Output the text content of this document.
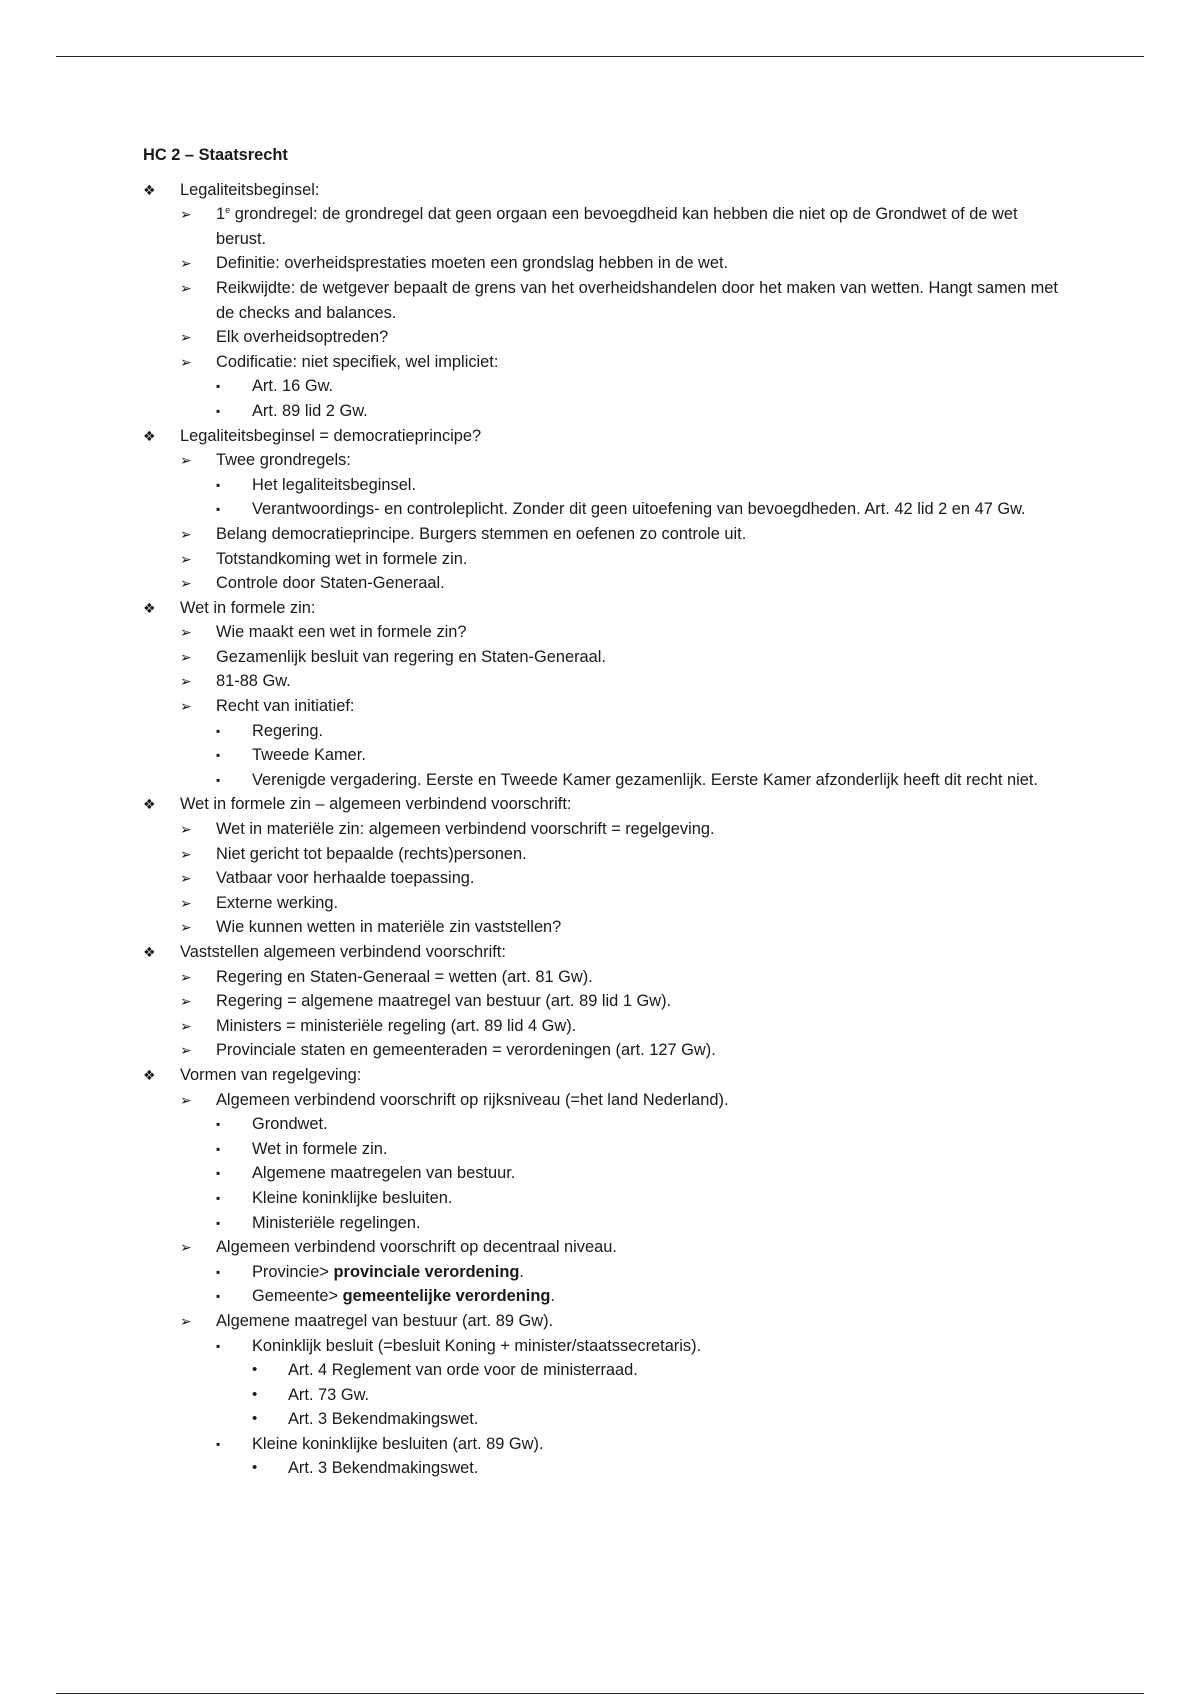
HC 2 – Staatsrecht
❖	Legaliteitsbeginsel:
➢	1e grondregel: de grondregel dat geen orgaan een bevoegdheid kan hebben die niet op de Grondwet of de wet berust.
➢	Definitie: overheidsprestaties moeten een grondslag hebben in de wet.
➢	Reikwijdte: de wetgever bepaalt de grens van het overheidshandelen door het maken van wetten. Hangt samen met de checks and balances.
➢	Elk overheidsoptreden?
➢	Codificatie: niet specifiek, wel impliciet:
▪	Art. 16 Gw.
▪	Art. 89 lid 2 Gw.
❖	Legaliteitsbeginsel = democratieprincipe?
➢	Twee grondregels:
▪	Het legaliteitsbeginsel.
▪	Verantwoordings- en controleplicht. Zonder dit geen uitoefening van bevoegdheden. Art. 42 lid 2 en 47 Gw.
➢	Belang democratieprincipe. Burgers stemmen en oefenen zo controle uit.
➢	Totstandkoming wet in formele zin.
➢	Controle door Staten-Generaal.
❖	Wet in formele zin:
➢	Wie maakt een wet in formele zin?
➢	Gezamenlijk besluit van regering en Staten-Generaal.
➢	81-88 Gw.
➢	Recht van initiatief:
▪	Regering.
▪	Tweede Kamer.
▪	Verenigde vergadering. Eerste en Tweede Kamer gezamenlijk. Eerste Kamer afzonderlijk heeft dit recht niet.
❖	Wet in formele zin – algemeen verbindend voorschrift:
➢	Wet in materiële zin: algemeen verbindend voorschrift = regelgeving.
➢	Niet gericht tot bepaalde (rechts)personen.
➢	Vatbaar voor herhaalde toepassing.
➢	Externe werking.
➢	Wie kunnen wetten in materiële zin vaststellen?
❖	Vaststellen algemeen verbindend voorschrift:
➢	Regering en Staten-Generaal = wetten (art. 81 Gw).
➢	Regering = algemene maatregel van bestuur (art. 89 lid 1 Gw).
➢	Ministers = ministeriële regeling (art. 89 lid 4 Gw).
➢	Provinciale staten en gemeenteraden = verordeningen (art. 127 Gw).
❖	Vormen van regelgeving:
➢	Algemeen verbindend voorschrift op rijksniveau (=het land Nederland).
▪	Grondwet.
▪	Wet in formele zin.
▪	Algemene maatregelen van bestuur.
▪	Kleine koninklijke besluiten.
▪	Ministeriële regelingen.
➢	Algemeen verbindend voorschrift op decentraal niveau.
▪	Provincie> provinciale verordening.
▪	Gemeente> gemeentelijke verordening.
➢	Algemene maatregel van bestuur (art. 89 Gw).
▪	Koninklijk besluit (=besluit Koning + minister/staatssecretaris).
•	Art. 4 Reglement van orde voor de ministerraad.
•	Art. 73 Gw.
•	Art. 3 Bekendmakingswet.
▪	Kleine koninklijke besluiten (art. 89 Gw).
•	Art. 3 Bekendmakingswet.
